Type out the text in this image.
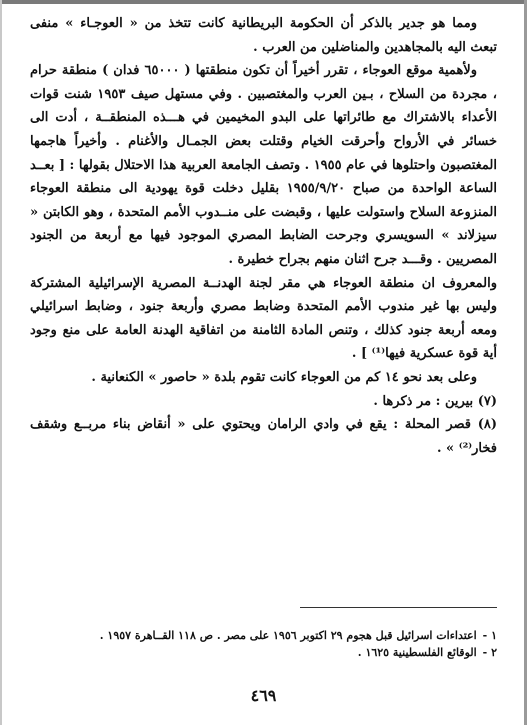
ومما هو جدير بالذكر أن الحكومة البريطانية كانت تتخذ من « العوجـاء » منفى تبعث اليه بالمجاهدين والمناضلين من العرب .

ولأهمية موقع العوجاء ، تقرر أخيراً أن تكون منطقتها ( ٦٥٠٠٠ فدان ) منطقة حرام ، مجردة من السلاح ، بـين العرب والمغتصبين . وفي مستهل صيف ١٩٥٣ شنت قوات الأعداء بالاشتراك مع طائراتها على البدو المخيمين في هـــذه المنطقــة ، أدت الى خسائر في الأرواح وأحرقت الخيام وقتلت بعض الجمـال والأغنام . وأخيراً هاجمها المغتصبون واحتلوها في عام ١٩٥٥ . وتصف الجامعة العربية هذا الاحتلال بقولها : [ بعــد الساعة الواحدة من صباح ١٩٥٥/٩/٢٠ بقليل دخلت قوة يهودية الى منطقة العوجاء المنزوعة السلاح واستولت عليها ، وقبضت على منــدوب الأمم المتحدة ، وهو الكابتن « سيزلاند » السويسري وجرحت الضابط المصري الموجود فيها مع أربعة من الجنود المصريين . وقـــد جرح اثنان منهم بجراح خطيرة .

والمعروف ان منطقة العوجاء هي مقر لجنة الهدنــة المصرية الإسرائيلية المشتركة وليس بها غير مندوب الأمم المتحدة وضابط مصري وأربعة جنود ، وضابط اسرائيلي ومعه أربعة جنود كذلك ، وتنص المادة الثامنة من اتفاقية الهدنة العامة على منع وجود أية قوة عسكرية فيها⁽¹⁾ ] .

وعلى بعد نحو ١٤ كم من العوجاء كانت تقوم بلدة « حاصور » الكنعانية .

(٧) بيرين : مر ذكرها .

(٨) قصر المحلة : يقع في وادي الرامان ويحتوي على « أنقاض بناء مربــع وشقف فخار⁽²⁾ » .

١ -اعتداءات اسرائيل قبل هجوم ٢٩ اكتوبر ١٩٥٦ على مصر . ص ١١٨ القــاهرة ١٩٥٧ .

٢ -الوقائع الفلسطينية ١٦٢٥ .

٤٦٩
